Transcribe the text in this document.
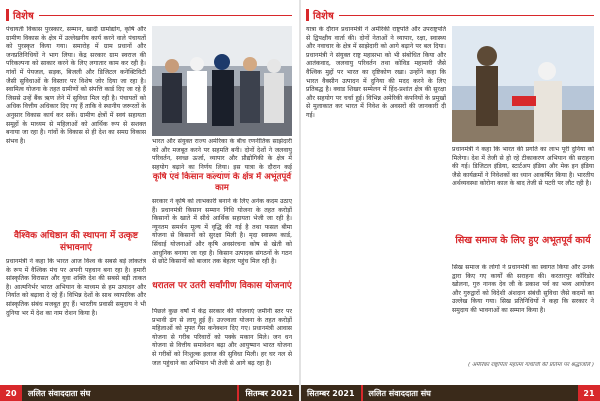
विशेष	विशेष

पंचायती विकास पुरस्कार, सम्मान, खादी ग्रामोद्योग, कृषि और ग्रामीण विकास के क्षेत्र में उल्लेखनीय कार्य करने वाले पंचायतों को पुरस्कृत किया गया। समारोह में ग्राम प्रधानों और जनप्रतिनिधियों ने भाग लिया। केंद्र सरकार ग्राम स्वराज की परिकल्पना को साकार करने के लिए लगातार काम कर रही है। गांवों में पेयजल, सड़क, बिजली और डिजिटल कनेक्टिविटी जैसी सुविधाओं के विस्तार पर विशेष जोर दिया जा रहा है। स्वामित्व योजना के तहत ग्रामीणों को संपत्ति कार्ड दिए जा रहे हैं जिससे उन्हें बैंक ऋण लेने में सुविधा मिल रही है। पंचायतों को अधिक वित्तीय अधिकार दिए गए हैं ताकि वे स्थानीय जरूरतों के अनुसार विकास कार्य कर सकें। ग्रामीण क्षेत्रों में स्वयं सहायता समूहों के माध्यम से महिलाओं को आर्थिक रूप से सशक्त बनाया जा रहा है। गांवों के विकास से ही देश का समग्र विकास संभव है।

वैश्विक अधिष्ठान की स्थापना में उत्कृष्ट संभावनाएं

प्रधानमंत्री ने कहा कि भारत आज विश्व के सबसे बड़े लोकतंत्र के रूप में वैश्विक मंच पर अपनी पहचान बना रहा है। हमारी सांस्कृतिक विरासत और युवा शक्ति देश की सबसे बड़ी ताकत है। आत्मनिर्भर भारत अभियान के माध्यम से हम उत्पादन और निर्यात को बढ़ावा दे रहे हैं। विभिन्न देशों के साथ व्यापारिक और सांस्कृतिक संबंध मजबूत हुए हैं। भारतीय प्रवासी समुदाय ने भी दुनिया भर में देश का नाम रोशन किया है।

भारत और संयुक्त राज्य अमेरिका के बीच रणनीतिक साझेदारी को और मजबूत करने पर सहमति बनी। दोनों देशों ने जलवायु परिवर्तन, स्वच्छ ऊर्जा, व्यापार और प्रौद्योगिकी के क्षेत्र में सहयोग बढ़ाने का निर्णय लिया। इस यात्रा के दौरान कई

कृषि एवं किसान कल्याण के क्षेत्र में अभूतपूर्व काम

सरकार ने कृषि को लाभकारी बनाने के लिए अनेक कदम उठाए हैं। प्रधानमंत्री किसान सम्मान निधि योजना के तहत करोड़ों किसानों के खाते में सीधे आर्थिक सहायता भेजी जा रही है। न्यूनतम समर्थन मूल्य में वृद्धि की गई है तथा फसल बीमा योजना से किसानों को सुरक्षा मिली है। मृदा स्वास्थ्य कार्ड, सिंचाई योजनाओं और कृषि अवसंरचना कोष से खेती को आधुनिक बनाया जा रहा है। किसान उत्पादक संगठनों के गठन से छोटे किसानों को बाजार तक बेहतर पहुंच मिल रही है।

धरातल पर उतरी सर्वांगीण विकास योजनाएं

पिछले कुछ वर्षों में केंद्र सरकार की योजनाएं जमीनी स्तर पर प्रभावी ढंग से लागू हुई हैं। उज्ज्वला योजना के तहत करोड़ों महिलाओं को मुफ्त गैस कनेक्शन दिए गए। प्रधानमंत्री आवास योजना से गरीब परिवारों को पक्के मकान मिले। जन धन योजना से वित्तीय समावेशन बढ़ा और आयुष्मान भारत योजना से गरीबों को निःशुल्क इलाज की सुविधा मिली। हर घर नल से जल पहुंचाने का अभियान भी तेजी से आगे बढ़ रहा है।

यात्रा के दौरान प्रधानमंत्री ने अमेरिकी राष्ट्रपति और उपराष्ट्रपति से द्विपक्षीय वार्ता की। दोनों नेताओं ने व्यापार, रक्षा, स्वास्थ्य और नवाचार के क्षेत्र में साझेदारी को आगे बढ़ाने पर बल दिया। प्रधानमंत्री ने संयुक्त राष्ट्र महासभा को भी संबोधित किया और आतंकवाद, जलवायु परिवर्तन तथा कोविड महामारी जैसे वैश्विक मुद्दों पर भारत का दृष्टिकोण रखा। उन्होंने कहा कि भारत वैक्सीन उत्पादन में दुनिया की मदद करने के लिए प्रतिबद्ध है। क्वाड शिखर सम्मेलन में हिंद-प्रशांत क्षेत्र की सुरक्षा और सहयोग पर चर्चा हुई। विभिन्न अमेरिकी कंपनियों के प्रमुखों से मुलाकात कर भारत में निवेश के अवसरों की जानकारी दी गई।

प्रधानमंत्री ने कहा कि भारत की प्रगति का लाभ पूरी दुनिया को मिलेगा। देश में तेजी से हो रहे टीकाकरण अभियान की सराहना की गई। डिजिटल इंडिया, स्टार्टअप इंडिया और मेक इन इंडिया जैसे कार्यक्रमों ने निवेशकों का ध्यान आकर्षित किया है। भारतीय अर्थव्यवस्था कोरोना काल के बाद तेजी से पटरी पर लौट रही है।

सिख समाज के लिए हुए अभूतपूर्व कार्य

सिख समाज के लोगों ने प्रधानमंत्री का स्वागत किया और उनके द्वारा किए गए कार्यों की सराहना की। करतारपुर कॉरिडोर खोलना, गुरु नानक देव जी के प्रकाश पर्व का भव्य आयोजन और गुरुद्वारों को विदेशी अंशदान संबंधी सुविधा जैसे कदमों का उल्लेख किया गया। सिख प्रतिनिधियों ने कहा कि सरकार ने समुदाय की भावनाओं का सम्मान किया है।

( अमेरिका राष्ट्रपिता महात्मा गांधीजी की प्रतिमा पर श्रद्धांजलि )
20	ललित संवाददाता संघ	सितम्बर 2021	सितम्बर 2021	ललित संवाददाता संघ	21
